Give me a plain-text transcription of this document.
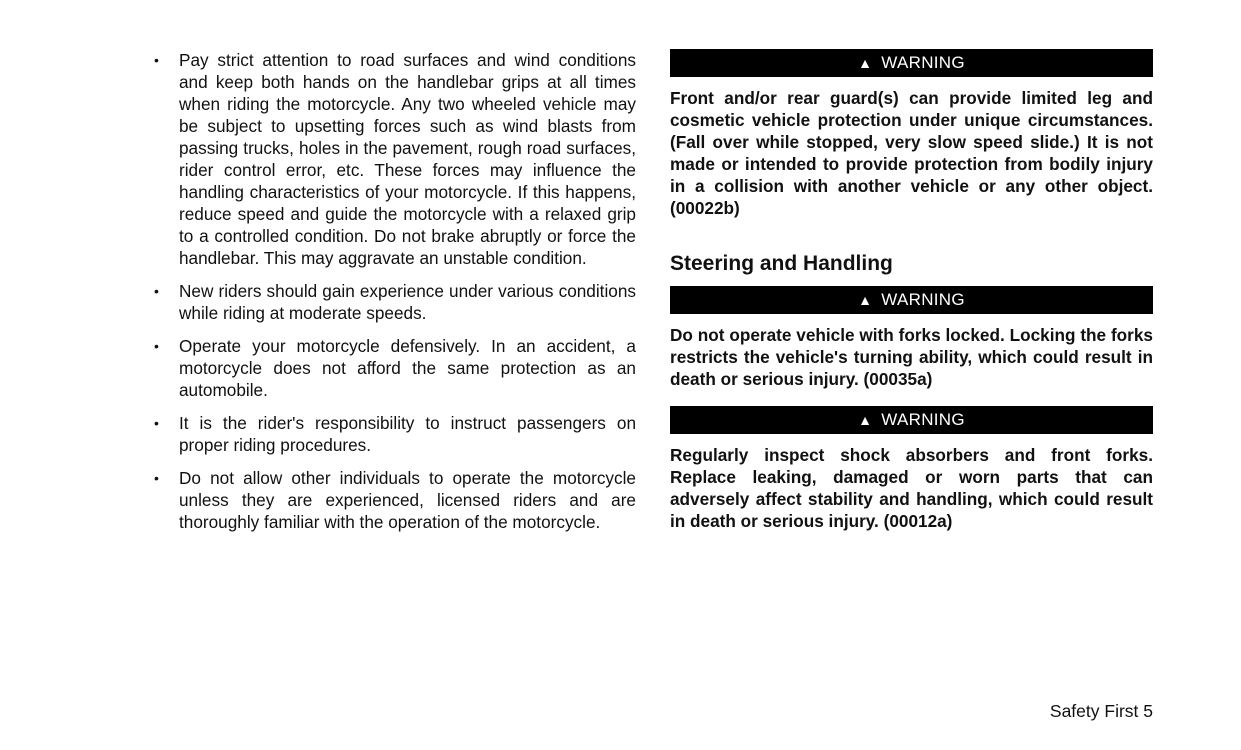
• Pay strict attention to road surfaces and wind conditions and keep both hands on the handlebar grips at all times when riding the motorcycle. Any two wheeled vehicle may be subject to upsetting forces such as wind blasts from passing trucks, holes in the pavement, rough road surfaces, rider control error, etc. These forces may influence the handling characteristics of your motorcycle. If this happens, reduce speed and guide the motorcycle with a relaxed grip to a controlled condition. Do not brake abruptly or force the handlebar. This may aggravate an unstable condition.
• New riders should gain experience under various conditions while riding at moderate speeds.
• Operate your motorcycle defensively. In an accident, a motorcycle does not afford the same protection as an automobile.
• It is the rider's responsibility to instruct passengers on proper riding procedures.
• Do not allow other individuals to operate the motorcycle unless they are experienced, licensed riders and are thoroughly familiar with the operation of the motorcycle.
▲ WARNING
Front and/or rear guard(s) can provide limited leg and cosmetic vehicle protection under unique circumstances. (Fall over while stopped, very slow speed slide.) It is not made or intended to provide protection from bodily injury in a collision with another vehicle or any other object. (00022b)
Steering and Handling
▲ WARNING
Do not operate vehicle with forks locked. Locking the forks restricts the vehicle's turning ability, which could result in death or serious injury. (00035a)
▲ WARNING
Regularly inspect shock absorbers and front forks. Replace leaking, damaged or worn parts that can adversely affect stability and handling, which could result in death or serious injury. (00012a)
Safety First 5
